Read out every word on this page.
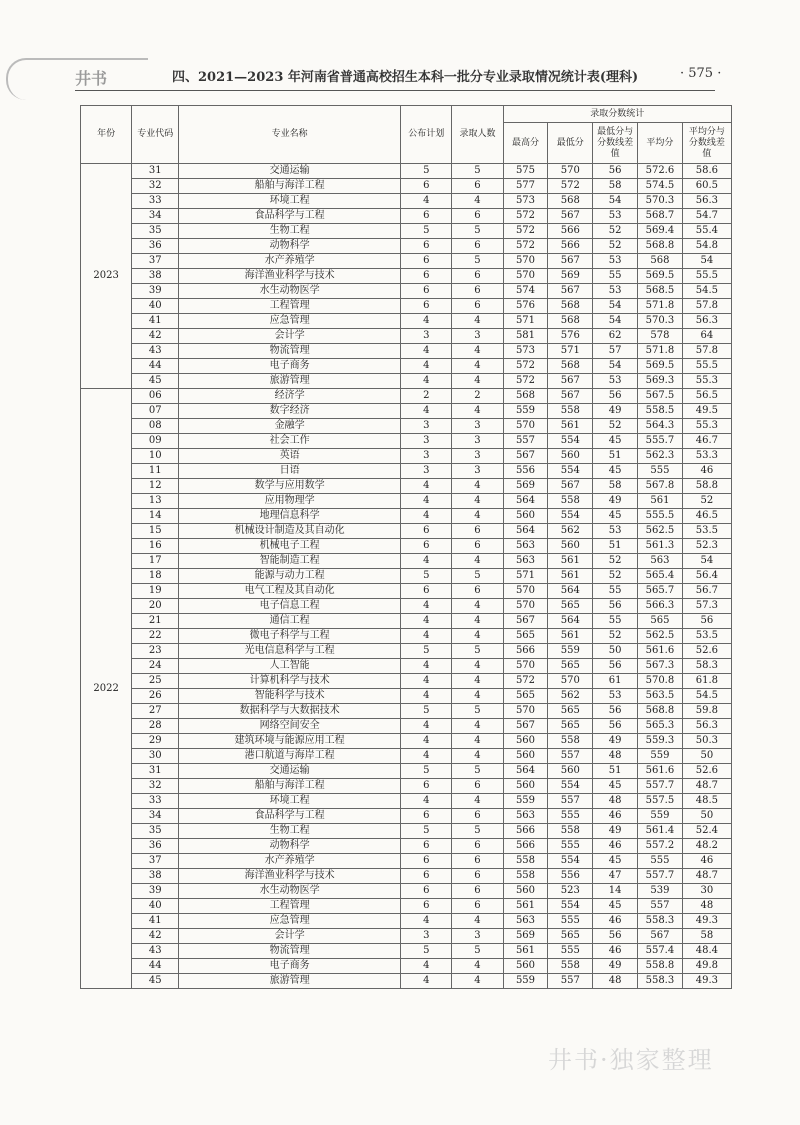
井书	四、2021—2023 年河南省普通高校招生本科一批分专业录取情况统计表(理科)	· 575 ·
年份	专业代码	专业名称	公布计划	录取人数	录取分数统计				
					最高分	最低分	最低分与分数线差值	平均分	平均分与分数线差值
2023	31	交通运输	5	5	575	570	56	572.6	58.6
	32	船舶与海洋工程	6	6	577	572	58	574.5	60.5
	33	环境工程	4	4	573	568	54	570.3	56.3
	34	食品科学与工程	6	6	572	567	53	568.7	54.7
	35	生物工程	5	5	572	566	52	569.4	55.4
	36	动物科学	6	6	572	566	52	568.8	54.8
	37	水产养殖学	6	5	570	567	53	568	54
	38	海洋渔业科学与技术	6	6	570	569	55	569.5	55.5
	39	水生动物医学	6	6	574	567	53	568.5	54.5
	40	工程管理	6	6	576	568	54	571.8	57.8
	41	应急管理	4	4	571	568	54	570.3	56.3
	42	会计学	3	3	581	576	62	578	64
	43	物流管理	4	4	573	571	57	571.8	57.8
	44	电子商务	4	4	572	568	54	569.5	55.5
	45	旅游管理	4	4	572	567	53	569.3	55.3
2022	06	经济学	2	2	568	567	56	567.5	56.5
	07	数字经济	4	4	559	558	49	558.5	49.5
	08	金融学	3	3	570	561	52	564.3	55.3
	09	社会工作	3	3	557	554	45	555.7	46.7
	10	英语	3	3	567	560	51	562.3	53.3
	11	日语	3	3	556	554	45	555	46
	12	数学与应用数学	4	4	569	567	58	567.8	58.8
	13	应用物理学	4	4	564	558	49	561	52
	14	地理信息科学	4	4	560	554	45	555.5	46.5
	15	机械设计制造及其自动化	6	6	564	562	53	562.5	53.5
	16	机械电子工程	6	6	563	560	51	561.3	52.3
	17	智能制造工程	4	4	563	561	52	563	54
	18	能源与动力工程	5	5	571	561	52	565.4	56.4
	19	电气工程及其自动化	6	6	570	564	55	565.7	56.7
	20	电子信息工程	4	4	570	565	56	566.3	57.3
	21	通信工程	4	4	567	564	55	565	56
	22	微电子科学与工程	4	4	565	561	52	562.5	53.5
	23	光电信息科学与工程	5	5	566	559	50	561.6	52.6
	24	人工智能	4	4	570	565	56	567.3	58.3
	25	计算机科学与技术	4	4	572	570	61	570.8	61.8
	26	智能科学与技术	4	4	565	562	53	563.5	54.5
	27	数据科学与大数据技术	5	5	570	565	56	568.8	59.8
	28	网络空间安全	4	4	567	565	56	565.3	56.3
	29	建筑环境与能源应用工程	4	4	560	558	49	559.3	50.3
	30	港口航道与海岸工程	4	4	560	557	48	559	50
	31	交通运输	5	5	564	560	51	561.6	52.6
	32	船舶与海洋工程	6	6	560	554	45	557.7	48.7
	33	环境工程	4	4	559	557	48	557.5	48.5
	34	食品科学与工程	6	6	563	555	46	559	50
	35	生物工程	5	5	566	558	49	561.4	52.4
	36	动物科学	6	6	566	555	46	557.2	48.2
	37	水产养殖学	6	6	558	554	45	555	46
	38	海洋渔业科学与技术	6	6	558	556	47	557.7	48.7
	39	水生动物医学	6	6	560	523	14	539	30
	40	工程管理	6	6	561	554	45	557	48
	41	应急管理	4	4	563	555	46	558.3	49.3
	42	会计学	3	3	569	565	56	567	58
	43	物流管理	5	5	561	555	46	557.4	48.4
	44	电子商务	4	4	560	558	49	558.8	49.8
	45	旅游管理	4	4	559	557	48	558.3	49.3
井书·独家整理
